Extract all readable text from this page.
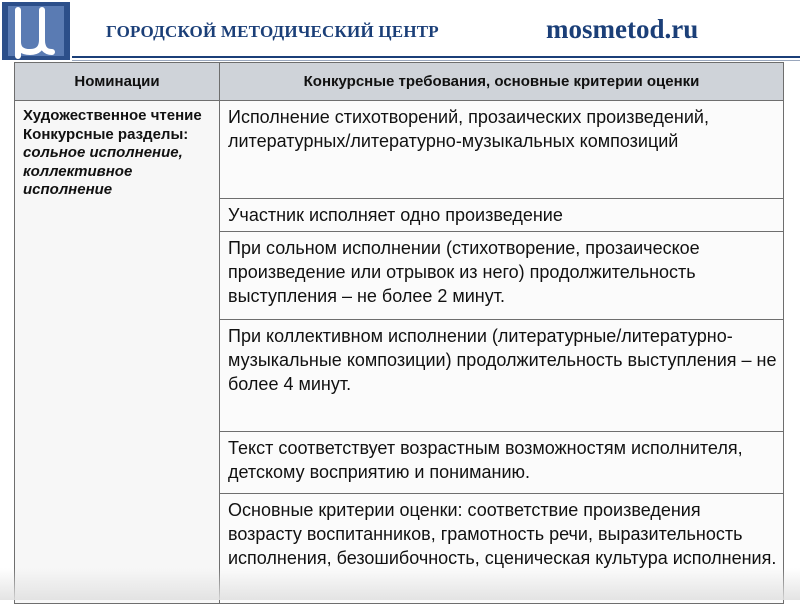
ГОРОДСКОЙ МЕТОДИЧЕСКИЙ ЦЕНТР	mosmetod.ru
Номинации	Конкурсные требования, основные критерии оценки

Художественное чтение
Конкурсные разделы:
сольное исполнение, коллективное исполнение	Исполнение стихотворений, прозаических произведений, литературных/литературно-музыкальных композиций
	Участник исполняет одно произведение
	При сольном исполнении (стихотворение, прозаическое произведение или отрывок из него) продолжительность выступления – не более 2 минут.
	При коллективном исполнении (литературные/литературно-музыкальные композиции) продолжительность выступления – не более 4 минут.
	Текст соответствует возрастным возможностям исполнителя, детскому восприятию и пониманию.
	Основные критерии оценки: соответствие произведения возрасту воспитанников, грамотность речи, выразительность исполнения, безошибочность, сценическая культура исполнения.
